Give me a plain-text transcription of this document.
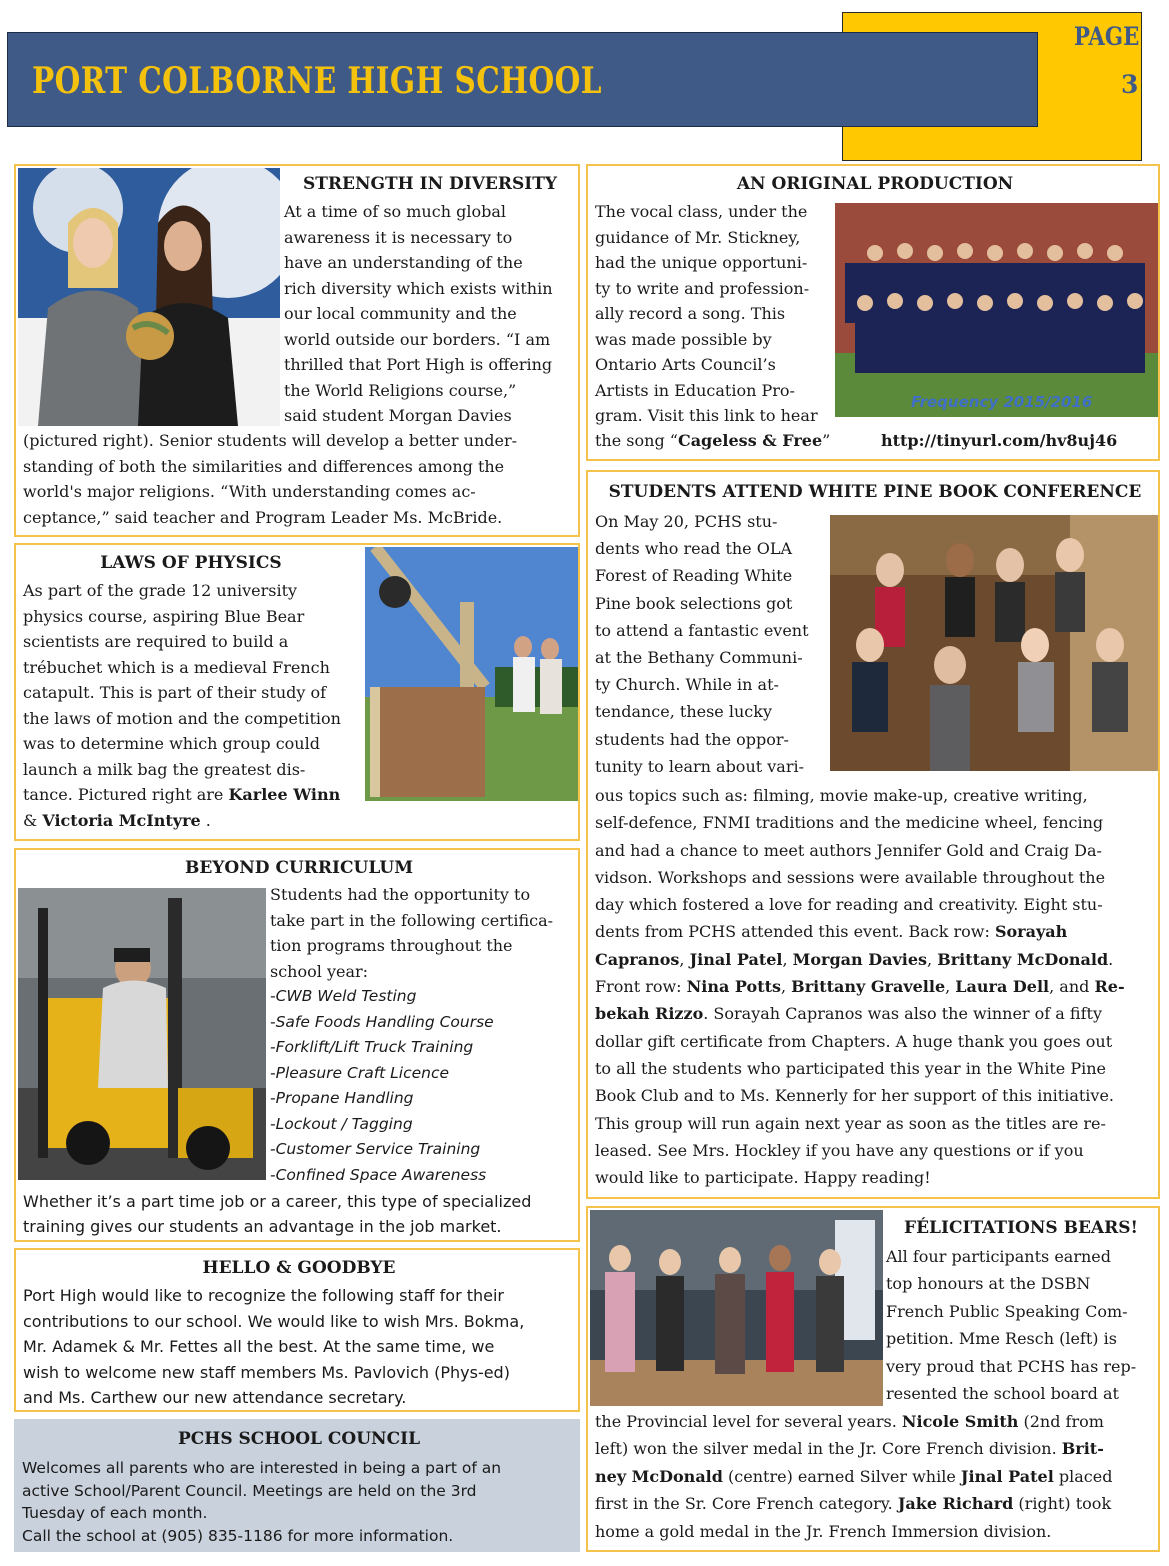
PAGE
3
PORT COLBORNE HIGH SCHOOL
STRENGTH IN DIVERSITY
At a time of so much global
awareness it is necessary to
have an understanding of the
rich diversity which exists within
our local community and the
world outside our borders. “I am
thrilled that Port High is offering
the World Religions course,”
said student Morgan Davies
(pictured right). Senior students will develop a better under-
standing of both the similarities and differences among the
world's major religions. “With understanding comes ac-
ceptance,” said teacher and Program Leader Ms. McBride.
LAWS OF PHYSICS
As part of the grade 12 university
physics course, aspiring Blue Bear
scientists are required to build a
trébuchet which is a medieval French
catapult. This is part of their study of
the laws of motion and the competition
was to determine which group could
launch a milk bag the greatest dis-
tance. Pictured right are Karlee Winn
& Victoria McIntyre .
BEYOND CURRICULUM
Students had the opportunity to
take part in the following certifica-
tion programs throughout the
school year:
-CWB Weld Testing
-Safe Foods Handling Course
-Forklift/Lift Truck Training
-Pleasure Craft Licence
-Propane Handling
-Lockout / Tagging
-Customer Service Training
-Confined Space Awareness
Whether it’s a part time job or a career, this type of specialized
training gives our students an advantage in the job market.
HELLO & GOODBYE
Port High would like to recognize the following staff for their
contributions to our school. We would like to wish Mrs. Bokma,
Mr. Adamek & Mr. Fettes all the best. At the same time, we
wish to welcome new staff members Ms. Pavlovich (Phys-ed)
and Ms. Carthew our new attendance secretary.
PCHS SCHOOL COUNCIL
Welcomes all parents who are interested in being a part of an
active School/Parent Council. Meetings are held on the 3rd
Tuesday of each month.
Call the school at (905) 835-1186 for more information.
AN ORIGINAL PRODUCTION
The vocal class, under the
guidance of Mr. Stickney,
had the unique opportuni-
ty to write and profession-
ally record a song. This
was made possible by
Ontario Arts Council’s
Artists in Education Pro-
gram. Visit this link to hear
Frequency 2015/2016
the song “Cageless & Free”	http://tinyurl.com/hv8uj46
STUDENTS ATTEND WHITE PINE BOOK CONFERENCE
On May 20, PCHS stu-
dents who read the OLA
Forest of Reading White
Pine book selections got
to attend a fantastic event
at the Bethany Communi-
ty Church. While in at-
tendance, these lucky
students had the oppor-
tunity to learn about vari-
ous topics such as: filming, movie make-up, creative writing,
self-defence, FNMI traditions and the medicine wheel, fencing
and had a chance to meet authors Jennifer Gold and Craig Da-
vidson. Workshops and sessions were available throughout the
day which fostered a love for reading and creativity. Eight stu-
dents from PCHS attended this event. Back row: Sorayah
Capranos, Jinal Patel, Morgan Davies, Brittany McDonald.
Front row: Nina Potts, Brittany Gravelle, Laura Dell, and Re-
bekah Rizzo. Sorayah Capranos was also the winner of a fifty
dollar gift certificate from Chapters. A huge thank you goes out
to all the students who participated this year in the White Pine
Book Club and to Ms. Kennerly for her support of this initiative.
This group will run again next year as soon as the titles are re-
leased. See Mrs. Hockley if you have any questions or if you
would like to participate. Happy reading!
FÉLICITATIONS BEARS!
All four participants earned
top honours at the DSBN
French Public Speaking Com-
petition. Mme Resch (left) is
very proud that PCHS has rep-
resented the school board at
the Provincial level for several years. Nicole Smith (2nd from
left) won the silver medal in the Jr. Core French division. Brit-
ney McDonald (centre) earned Silver while Jinal Patel placed
first in the Sr. Core French category. Jake Richard (right) took
home a gold medal in the Jr. French Immersion division.
